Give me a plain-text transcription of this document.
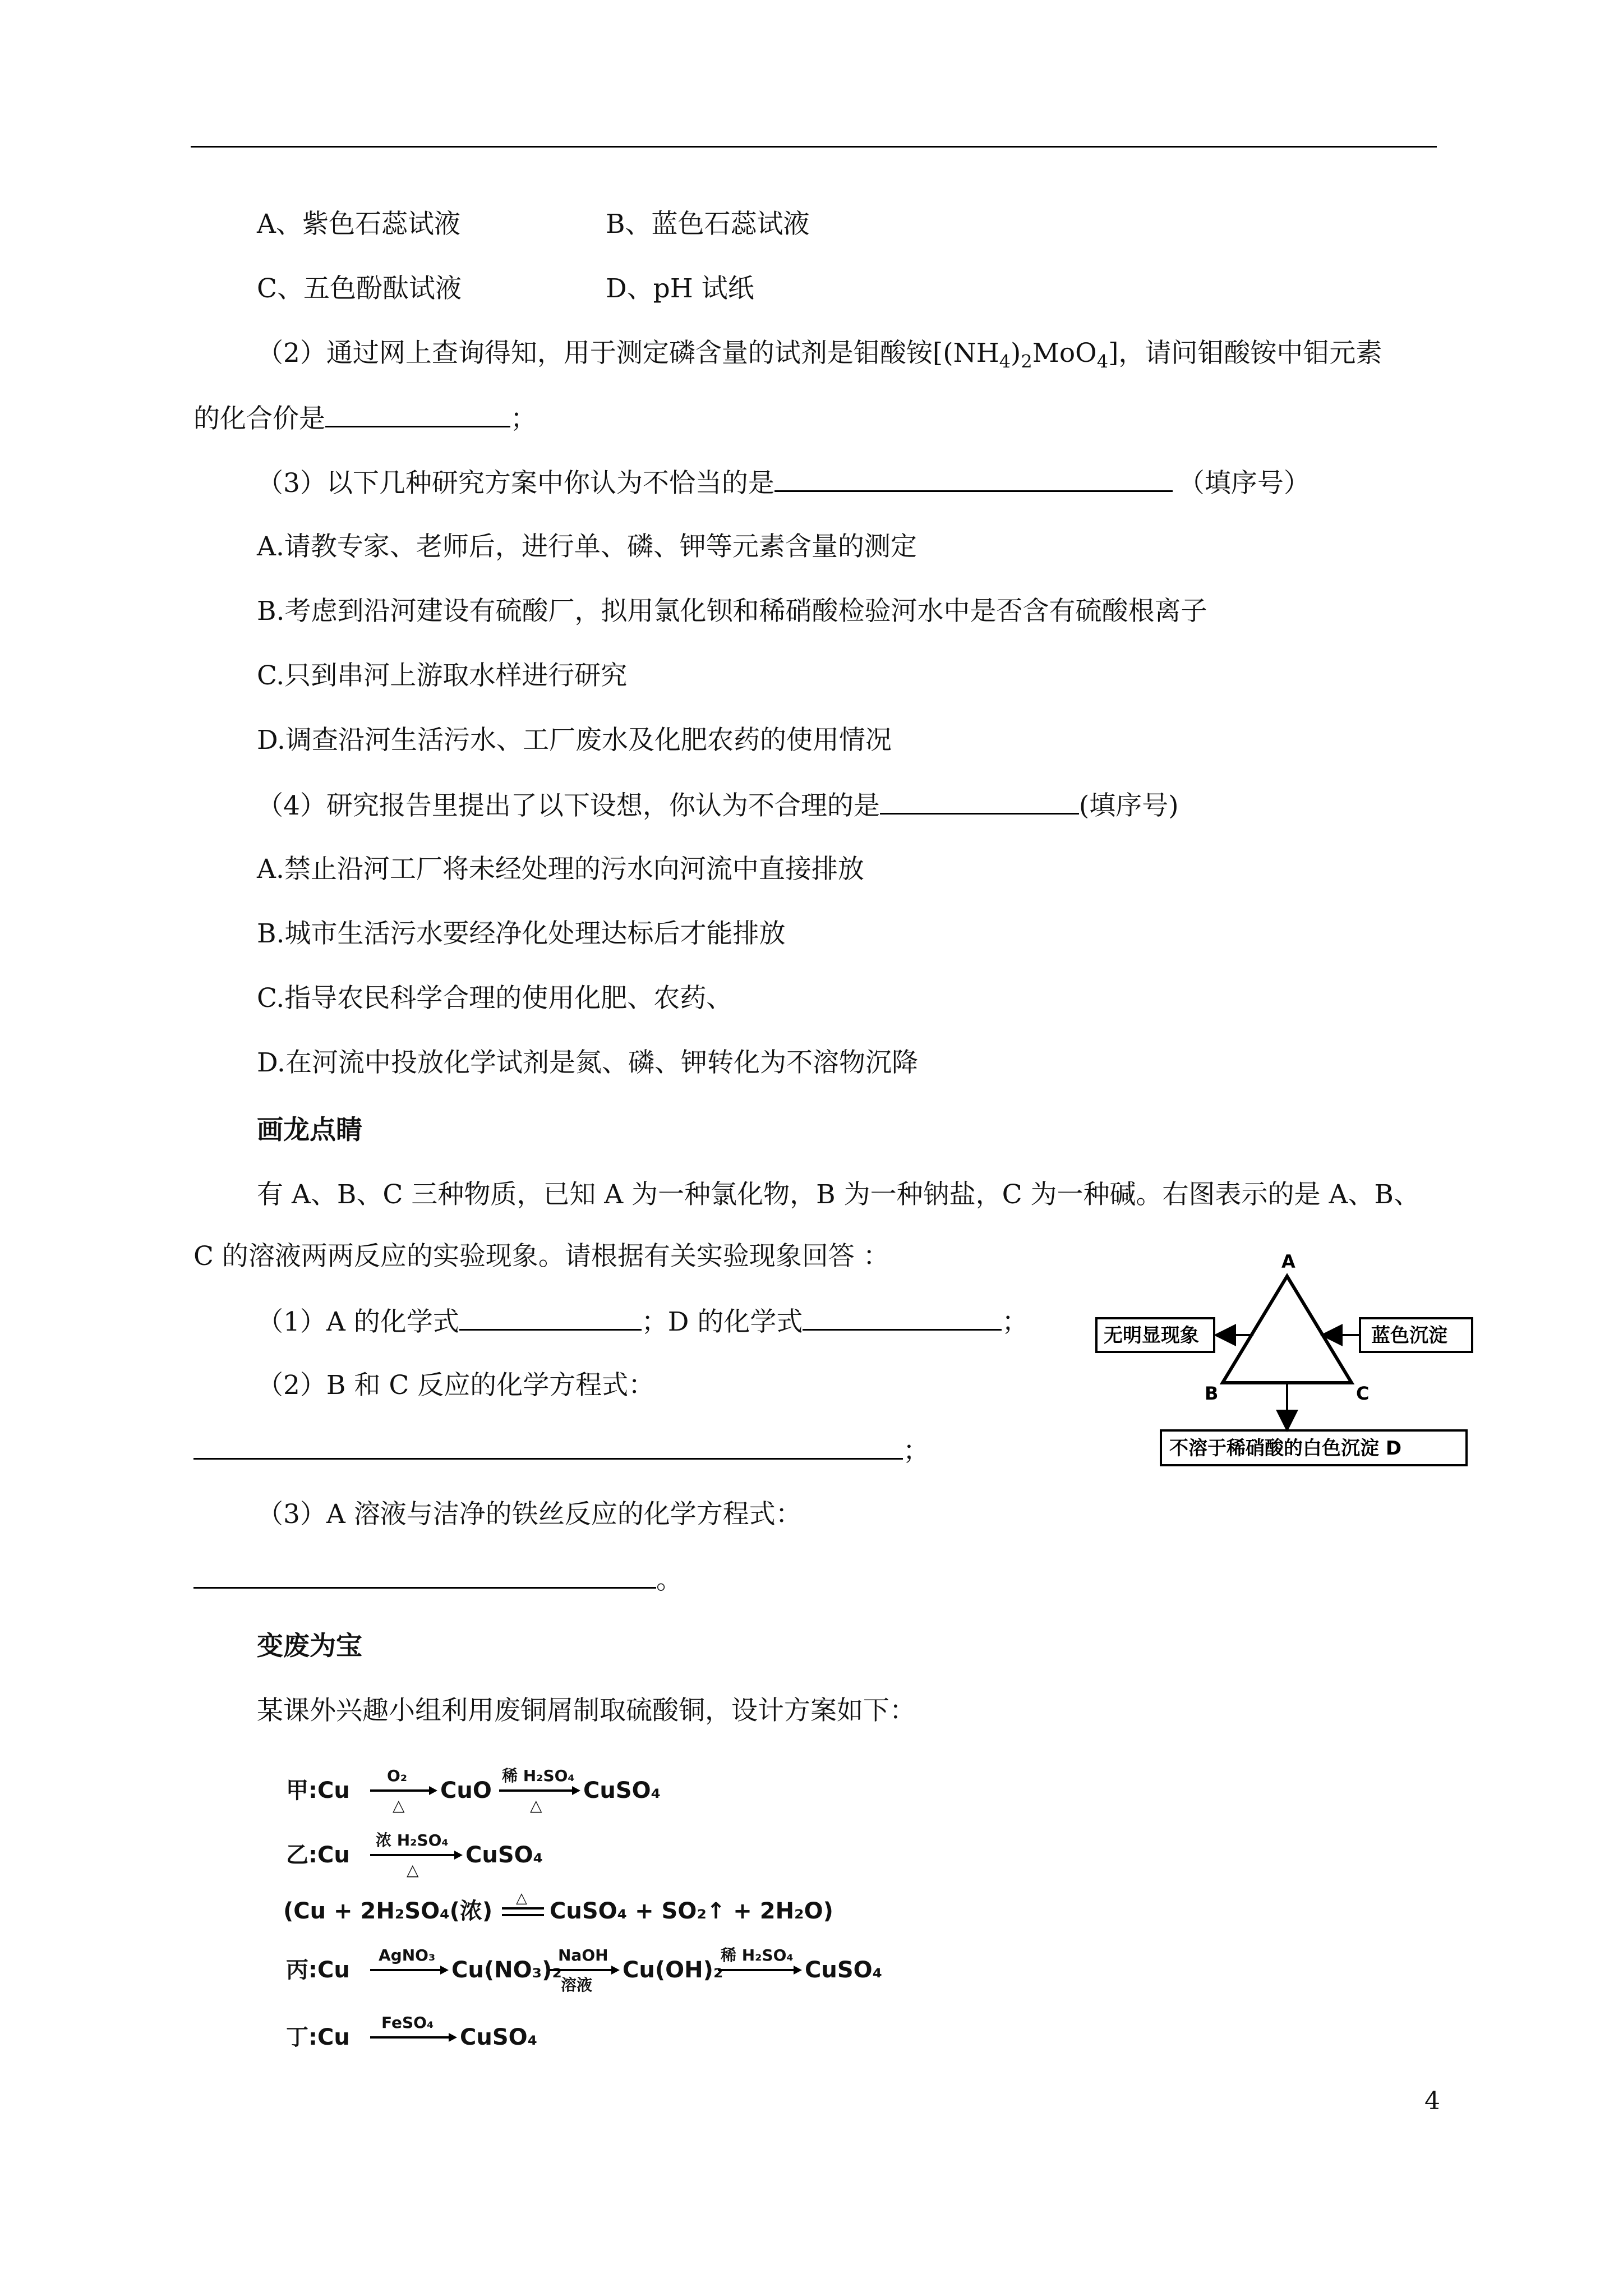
A、紫色石蕊试液	B、蓝色石蕊试液
C、五色酚酞试液	D、pH 试纸
（2）通过网上查询得知，用于测定磷含量的试剂是钼酸铵$[(NH_4)_2MoO_4]$，请问钼酸铵中钼元素
的化合价是	；
（3）以下几种研究方案中你认为不恰当的是	（填序号）
A.请教专家、老师后，进行单、磷、钾等元素含量的测定
B.考虑到沿河建设有硫酸厂，拟用氯化钡和稀硝酸检验河水中是否含有硫酸根离子
C.只到串河上游取水样进行研究
D.调查沿河生活污水、工厂废水及化肥农药的使用情况
（4）研究报告里提出了以下设想，你认为不合理的是	(填序号)
A.禁止沿河工厂将未经处理的污水向河流中直接排放
B.城市生活污水要经净化处理达标后才能排放
C.指导农民科学合理的使用化肥、农药、
D.在河流中投放化学试剂是氮、磷、钾转化为不溶物沉降
画龙点睛
有 A、B、C 三种物质，已知 A 为一种氯化物，B 为一种钠盐，C 为一种碱。右图表示的是 A、B、
C 的溶液两两反应的实验现象。请根据有关实验现象回答 ：
（1）A 的化学式	；D 的化学式	；
（2）B 和 C 反应的化学方程式：
；
（3）A 溶液与洁净的铁丝反应的化学方程式：
。
A
B	C
无明显现象	蓝色沉淀
不溶于稀硝酸的白色沉淀 D
变废为宝
某课外兴趣小组利用废铜屑制取硫酸铜，设计方案如下：
甲:Cu
O₂
△
CuO
稀 H₂SO₄
△
CuSO₄
乙:Cu
浓 H₂SO₄
△
CuSO₄
(Cu + 2H₂SO₄(浓) △ CuSO₄ + SO₂↑ + 2H₂O)
丙:Cu
AgNO₃
Cu(NO₃)₂
NaOH
溶液
Cu(OH)₂
稀 H₂SO₄
CuSO₄
丁:Cu
FeSO₄
CuSO₄
4
